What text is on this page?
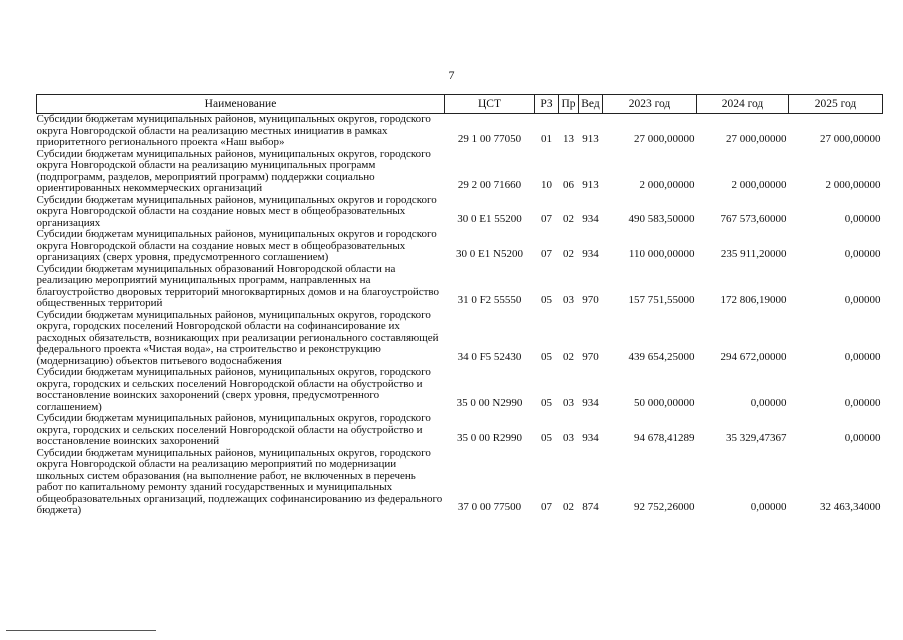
7
Наименование	ЦСТ	РЗ	Пр	Вед	2023 год	2024 год	2025 год
Субсидии бюджетам муниципальных районов, муниципальных округов, городского округа Новгородской области на реализацию местных инициатив в рамках приоритетного регионального проекта «Наш выбор»	29 1 00 77050	01	13	913	27 000,00000	27 000,00000	27 000,00000
Субсидии бюджетам муниципальных районов, муниципальных округов, городского округа Новгородской области на реализацию муниципальных программ (подпрограмм, разделов, мероприятий программ) поддержки социально ориентированных некоммерческих организаций	29 2 00 71660	10	06	913	2 000,00000	2 000,00000	2 000,00000
Субсидии бюджетам муниципальных районов, муниципальных округов и городского округа Новгородской области на создание новых мест в общеобразовательных организациях	30 0 E1 55200	07	02	934	490 583,50000	767 573,60000	0,00000
Субсидии бюджетам муниципальных районов, муниципальных округов и городского округа Новгородской области на создание новых мест в общеобразовательных организациях (сверх уровня, предусмотренного соглашением)	30 0 E1 N5200	07	02	934	110 000,00000	235 911,20000	0,00000
Субсидии бюджетам муниципальных образований Новгородской области на реализацию мероприятий муниципальных программ, направленных на благоустройство дворовых территорий многоквартирных домов и на благоустройство общественных территорий	31 0 F2 55550	05	03	970	157 751,55000	172 806,19000	0,00000
Субсидии бюджетам муниципальных районов, муниципальных округов, городского округа, городских поселений Новгородской области на софинансирование их расходных обязательств, возникающих при реализации регионального составляющей федерального проекта «Чистая вода», на строительство и реконструкцию (модернизацию) объектов питьевого водоснабжения	34 0 F5 52430	05	02	970	439 654,25000	294 672,00000	0,00000
Субсидии бюджетам муниципальных районов, муниципальных округов, городского округа, городских и сельских поселений Новгородской области на обустройство и восстановление воинских захоронений (сверх уровня, предусмотренного соглашением)	35 0 00 N2990	05	03	934	50 000,00000	0,00000	0,00000
Субсидии бюджетам муниципальных районов, муниципальных округов, городского округа, городских и сельских поселений Новгородской области на обустройство и восстановление воинских захоронений	35 0 00 R2990	05	03	934	94 678,41289	35 329,47367	0,00000
Субсидии бюджетам муниципальных районов, муниципальных округов, городского округа Новгородской области на реализацию мероприятий по модернизации школьных систем образования (на выполнение работ, не включенных в перечень работ по капитальному ремонту зданий государственных и муниципальных общеобразовательных организаций, подлежащих софинансированию из федерального бюджета)	37 0 00 77500	07	02	874	92 752,26000	0,00000	32 463,34000
